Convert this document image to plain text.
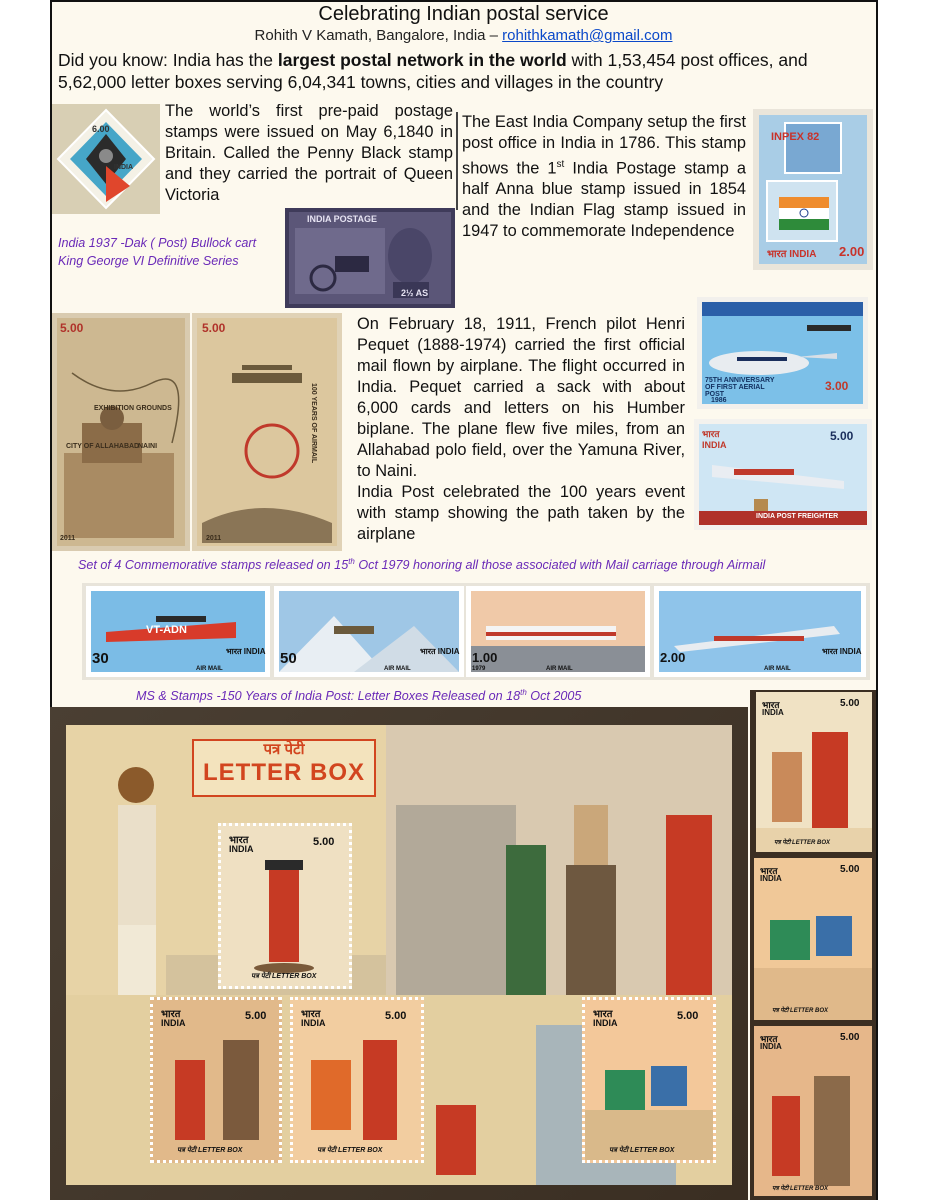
Celebrating Indian postal service
Rohith V Kamath, Bangalore, India – rohithkamath@gmail.com
Did you know: India has the largest postal network in the world with 1,53,454 post offices, and 5,62,000 letter boxes serving 6,04,341 towns, cities and villages in the country
6.00
INDIA
The world’s first pre-paid postage stamps were issued on May 6,1840 in Britain. Called the Penny Black stamp and they carried the portrait of Queen Victoria
The East India Company setup the first post office in India in 1786. This stamp shows the 1st India Postage stamp a half Anna blue stamp issued in 1854 and the Indian Flag stamp issued in 1947 to commemorate Independence
INPEX 82
भारत INDIA 2.00
India 1937 -Dak ( Post) Bullock cart
King George VI Definitive Series
INDIA POSTAGE
2½ AS
5.00
EXHIBITION GROUNDS
CITY OF ALLAHABAD
NAINI
2011
5.00
100 YEARS OF AIRMAIL
2011
On February 18, 1911, French pilot Henri Pequet (1888-1974) carried the first official mail flown by airplane. The flight occurred in India. Pequet carried a sack with about 6,000 cards and letters on his Humber biplane. The plane flew five miles, from an Allahabad polo field, over the Yamuna River, to Naini.
India Post celebrated the 100 years event with stamp showing the path taken by the airplane
75TH ANNIVERSARY OF FIRST AERIAL POST
3.00
1986
भारत INDIA
5.00
INDIA POST FREIGHTER
Set of 4 Commemorative stamps released on 15th Oct 1979 honoring all those associated with Mail carriage through Airmail
30
VT-ADN
भारत INDIA
AIR MAIL
50	भारत INDIA
AIR MAIL
1.00
AIR MAIL
1979
2.00	भारत INDIA
AIR MAIL
MS & Stamps -150 Years of India Post: Letter Boxes Released on 18th Oct 2005
पत्र पेटी
LETTER BOX
भारत
INDIA
5.00
पत्र पेटी LETTER BOX
भारत
INDIA
5.00
पत्र पेटी LETTER BOX
भारत
INDIA
5.00
पत्र पेटी LETTER BOX
भारत
INDIA
5.00
पत्र पेटी LETTER BOX
भारत
INDIA
5.00
पत्र पेटी LETTER BOX
भारत
INDIA
5.00
पत्र पेटी LETTER BOX
भारत
INDIA
5.00
पत्र पेटी LETTER BOX
